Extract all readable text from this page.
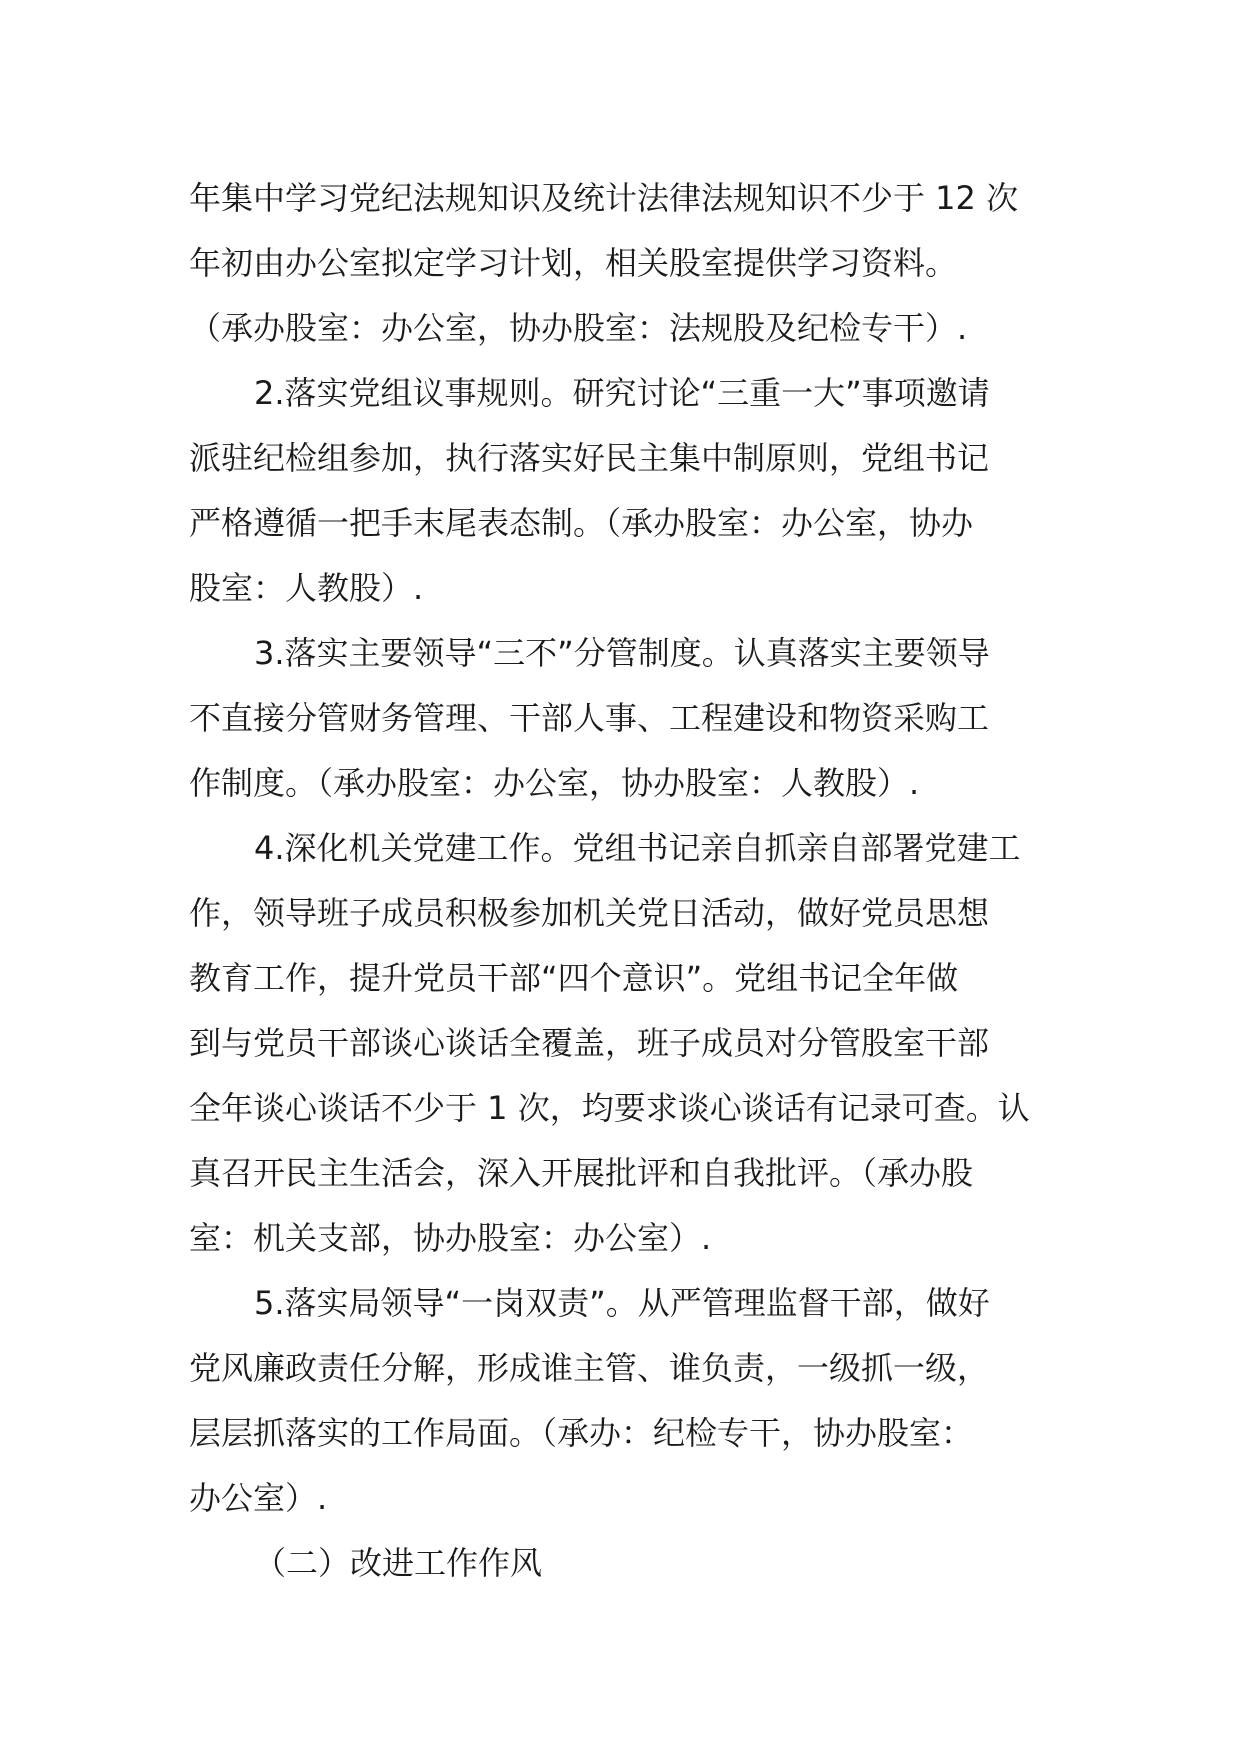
年集中学习党纪法规知识及统计法律法规知识不少于 12 次
年初由办公室拟定学习计划，相关股室提供学习资料。
（承办股室：办公室，协办股室：法规股及纪检专干）.
2.落实党组议事规则。研究讨论“三重一大”事项邀请
派驻纪检组参加，执行落实好民主集中制原则，党组书记
严格遵循一把手末尾表态制。（承办股室：办公室，协办
股室：人教股）.
3.落实主要领导“三不”分管制度。认真落实主要领导
不直接分管财务管理、干部人事、工程建设和物资采购工
作制度。（承办股室：办公室，协办股室：人教股）.
4.深化机关党建工作。党组书记亲自抓亲自部署党建工
作，领导班子成员积极参加机关党日活动，做好党员思想
教育工作，提升党员干部“四个意识”。党组书记全年做
到与党员干部谈心谈话全覆盖，班子成员对分管股室干部
全年谈心谈话不少于 1 次，均要求谈心谈话有记录可查。认
真召开民主生活会，深入开展批评和自我批评。（承办股
室：机关支部，协办股室：办公室）.
5.落实局领导“一岗双责”。从严管理监督干部，做好
党风廉政责任分解，形成谁主管、谁负责，一级抓一级，
层层抓落实的工作局面。（承办：纪检专干，协办股室：
办公室）.
（二）改进工作作风
